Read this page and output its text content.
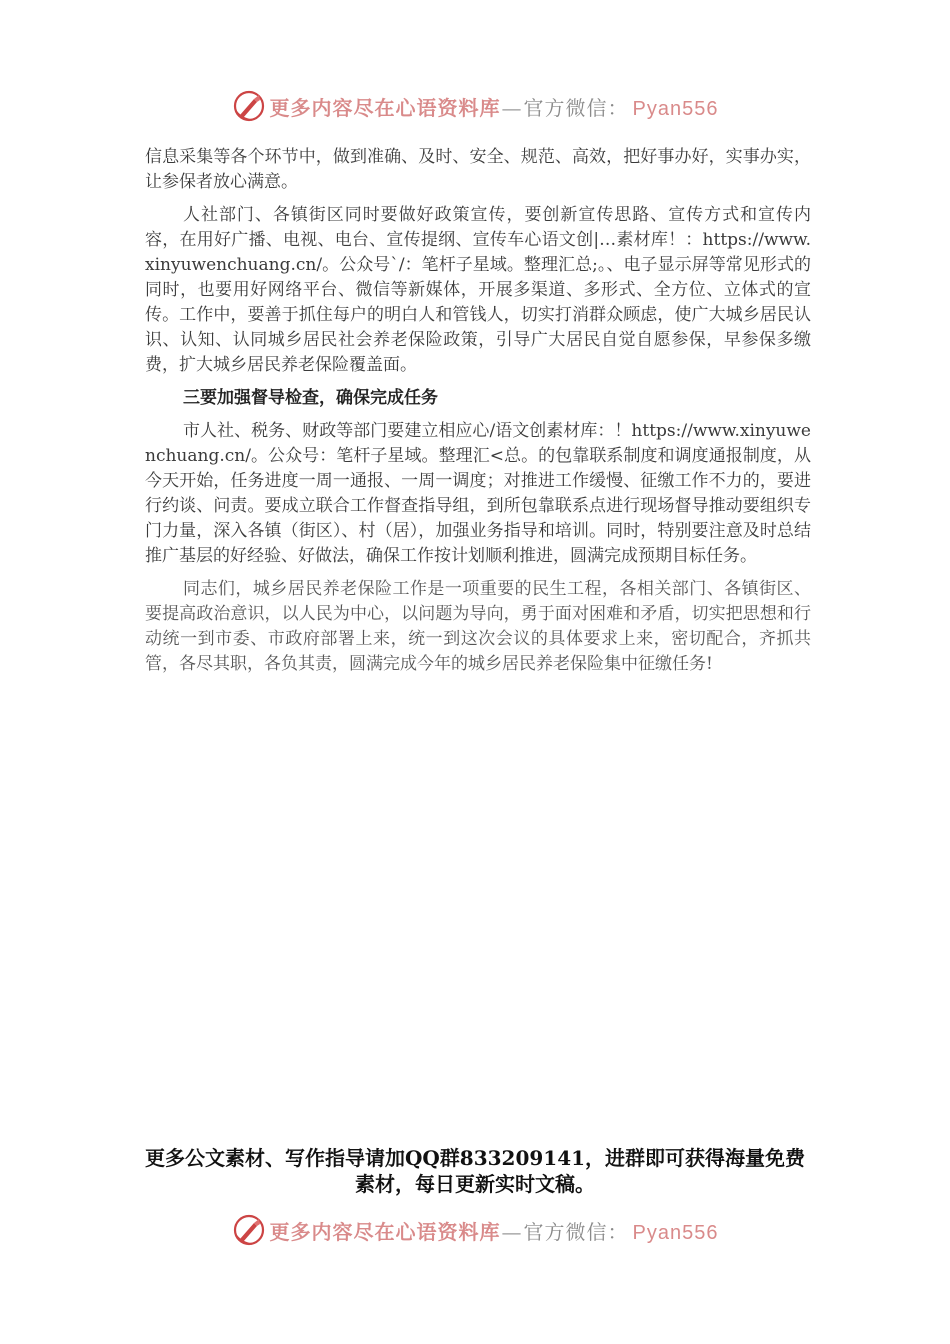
更多内容尽在心语资料库 — 官方微信： Pyan556

信息采集等各个环节中，做到准确、及时、安全、规范、高效，把好事办好，实事办实，让参保者放心满意。

人社部门、各镇街区同时要做好政策宣传，要创新宣传思路、宣传方式和宣传内容，在用好广播、电视、电台、宣传提纲、宣传车心语文创|…素材库！：https://www.xinyuwenchuang.cn/。公众号`/：笔杆子星域。整理汇总;。、电子显示屏等常见形式的同时，也要用好网络平台、微信等新媒体，开展多渠道、多形式、全方位、立体式的宣传。工作中，要善于抓住每户的明白人和管钱人，切实打消群众顾虑，使广大城乡居民认识、认知、认同城乡居民社会养老保险政策，引导广大居民自觉自愿参保，早参保多缴费，扩大城乡居民养老保险覆盖面。

三要加强督导检查，确保完成任务

市人社、税务、财政等部门要建立相应心/语文创素材库：！https://www.xinyuwenchuang.cn/。公众号：笔杆子星域。整理汇<总。的包靠联系制度和调度通报制度，从今天开始，任务进度一周一通报、一周一调度；对推进工作缓慢、征缴工作不力的，要进行约谈、问责。要成立联合工作督查指导组，到所包靠联系点进行现场督导推动要组织专门力量，深入各镇（街区）、村（居），加强业务指导和培训。同时，特别要注意及时总结推广基层的好经验、好做法，确保工作按计划顺利推进，圆满完成预期目标任务。

同志们，城乡居民养老保险工作是一项重要的民生工程，各相关部门、各镇街区、要提高政治意识，以人民为中心，以问题为导向，勇于面对困难和矛盾，切实把思想和行动统一到市委、市政府部署上来，统一到这次会议的具体要求上来，密切配合，齐抓共管，各尽其职，各负其责，圆满完成今年的城乡居民养老保险集中征缴任务!

更多公文素材、写作指导请加QQ群833209141，进群即可获得海量免费素材，每日更新实时文稿。
更多内容尽在心语资料库 — 官方微信： Pyan556
